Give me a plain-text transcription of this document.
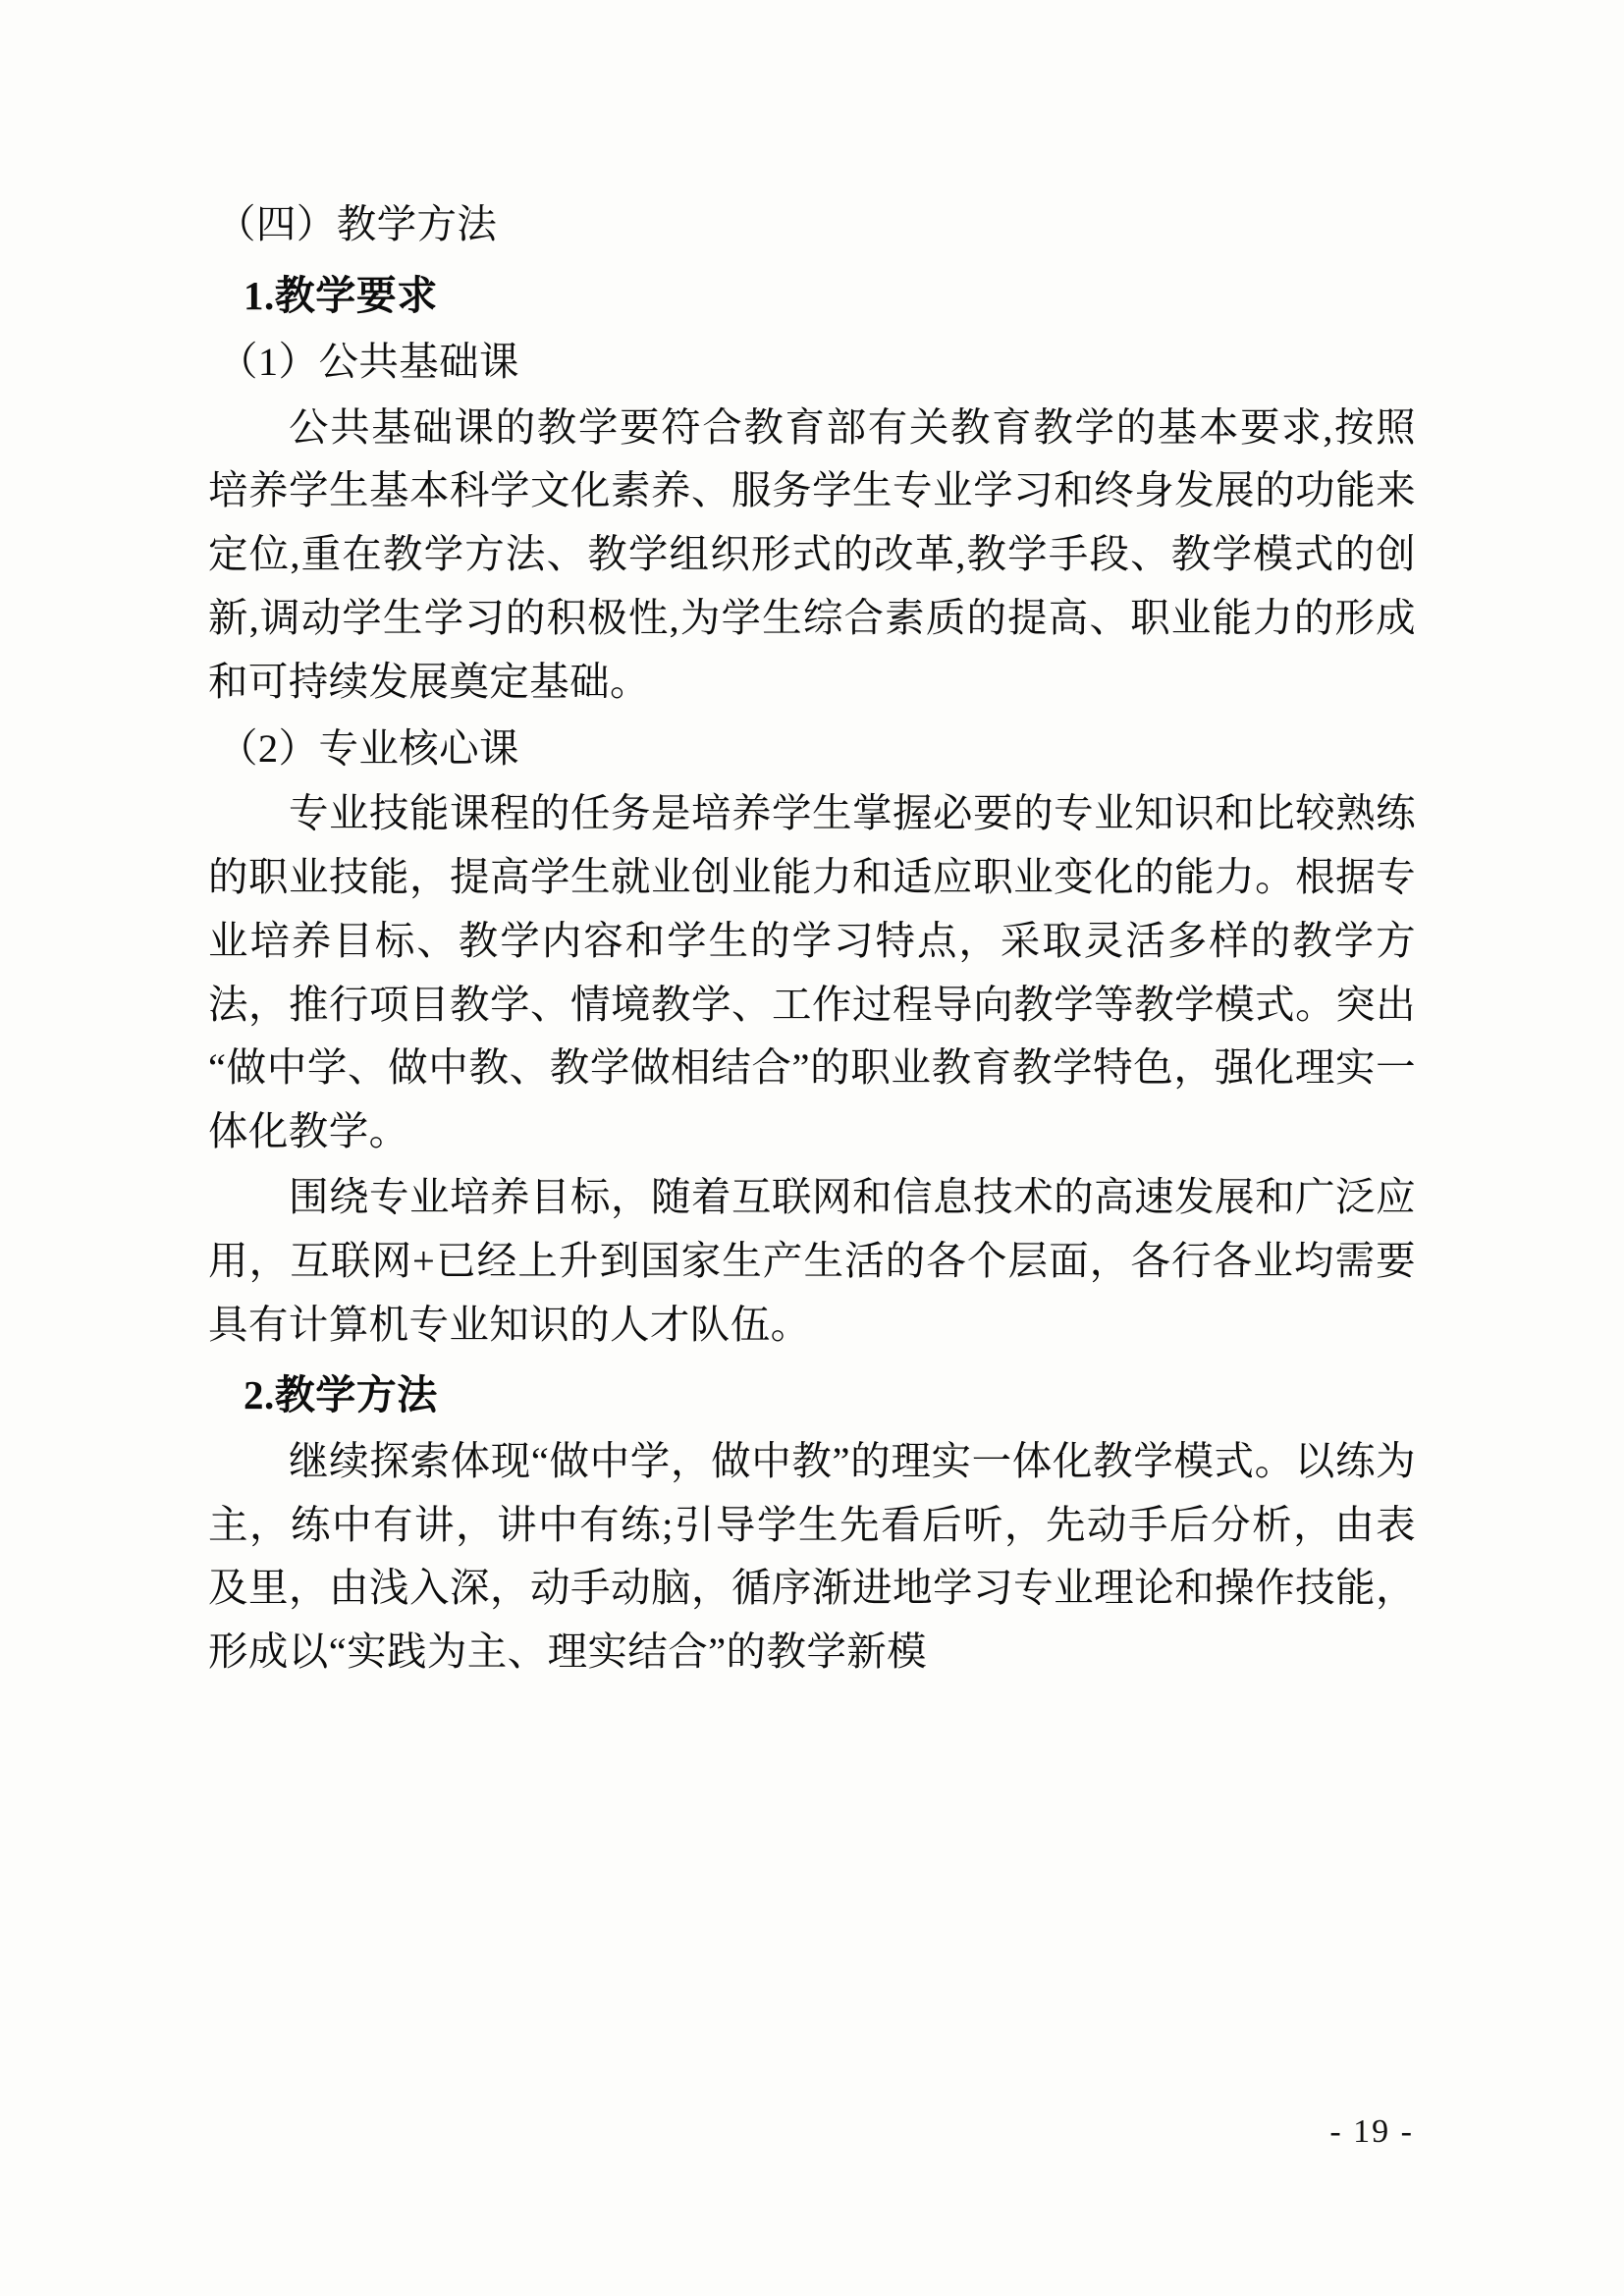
（四）教学方法

1.教学要求

（1）公共基础课

公共基础课的教学要符合教育部有关教育教学的基本要求,按照培养学生基本科学文化素养、服务学生专业学习和终身发展的功能来定位,重在教学方法、教学组织形式的改革,教学手段、教学模式的创新,调动学生学习的积极性,为学生综合素质的提高、职业能力的形成和可持续发展奠定基础。

（2）专业核心课

专业技能课程的任务是培养学生掌握必要的专业知识和比较熟练的职业技能，提高学生就业创业能力和适应职业变化的能力。根据专业培养目标、教学内容和学生的学习特点，采取灵活多样的教学方法，推行项目教学、情境教学、工作过程导向教学等教学模式。突出“做中学、做中教、教学做相结合”的职业教育教学特色，强化理实一体化教学。

围绕专业培养目标，随着互联网和信息技术的高速发展和广泛应用，互联网+已经上升到国家生产生活的各个层面，各行各业均需要具有计算机专业知识的人才队伍。

2.教学方法

继续探索体现“做中学，做中教”的理实一体化教学模式。以练为主，练中有讲，讲中有练;引导学生先看后听，先动手后分析，由表及里，由浅入深，动手动脑，循序渐进地学习专业理论和操作技能，形成以“实践为主、理实结合”的教学新模

- 19 -
